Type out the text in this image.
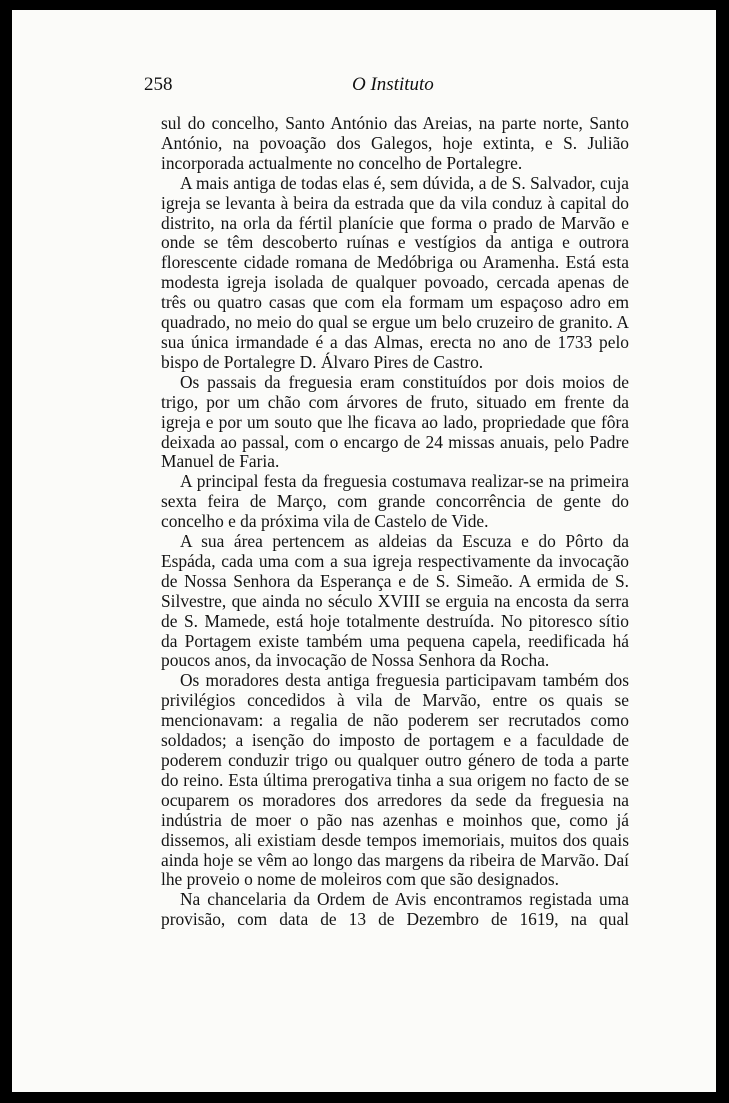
258	O Instituto

sul do concelho, Santo António das Areias, na parte norte, Santo António, na povoação dos Galegos, hoje extinta, e S. Julião incorporada actualmente no concelho de Portalegre.

A mais antiga de todas elas é, sem dúvida, a de S. Salvador, cuja igreja se levanta à beira da estrada que da vila conduz à capital do distrito, na orla da fértil planície que forma o prado de Marvão e onde se têm descoberto ruínas e vestígios da antiga e outrora florescente cidade romana de Medóbriga ou Aramenha. Está esta modesta igreja isolada de qualquer povoado, cercada apenas de três ou quatro casas que com ela formam um espaçoso adro em quadrado, no meio do qual se ergue um belo cruzeiro de granito. A sua única irmandade é a das Almas, erecta no ano de 1733 pelo bispo de Portalegre D. Álvaro Pires de Castro.

Os passais da freguesia eram constituídos por dois moios de trigo, por um chão com árvores de fruto, situado em frente da igreja e por um souto que lhe ficava ao lado, propriedade que fôra deixada ao passal, com o encargo de 24 missas anuais, pelo Padre Manuel de Faria.

A principal festa da freguesia costumava realizar-se na primeira sexta feira de Março, com grande concorrência de gente do concelho e da próxima vila de Castelo de Vide.

A sua área pertencem as aldeias da Escuza e do Pôrto da Espáda, cada uma com a sua igreja respectivamente da invocação de Nossa Senhora da Esperança e de S. Simeão. A ermida de S. Silvestre, que ainda no século XVIII se erguia na encosta da serra de S. Mamede, está hoje totalmente destruída. No pitoresco sítio da Portagem existe também uma pequena capela, reedificada há poucos anos, da invocação de Nossa Senhora da Rocha.

Os moradores desta antiga freguesia participavam também dos privilégios concedidos à vila de Marvão, entre os quais se mencionavam: a regalia de não poderem ser recrutados como soldados; a isenção do imposto de portagem e a faculdade de poderem conduzir trigo ou qualquer outro género de toda a parte do reino. Esta última prerogativa tinha a sua origem no facto de se ocuparem os moradores dos arredores da sede da freguesia na indústria de moer o pão nas azenhas e moinhos que, como já dissemos, ali existiam desde tempos imemoriais, muitos dos quais ainda hoje se vêm ao longo das margens da ribeira de Marvão. Daí lhe proveio o nome de moleiros com que são designados.

Na chancelaria da Ordem de Avis encontramos registada uma provisão, com data de 13 de Dezembro de 1619, na qual
